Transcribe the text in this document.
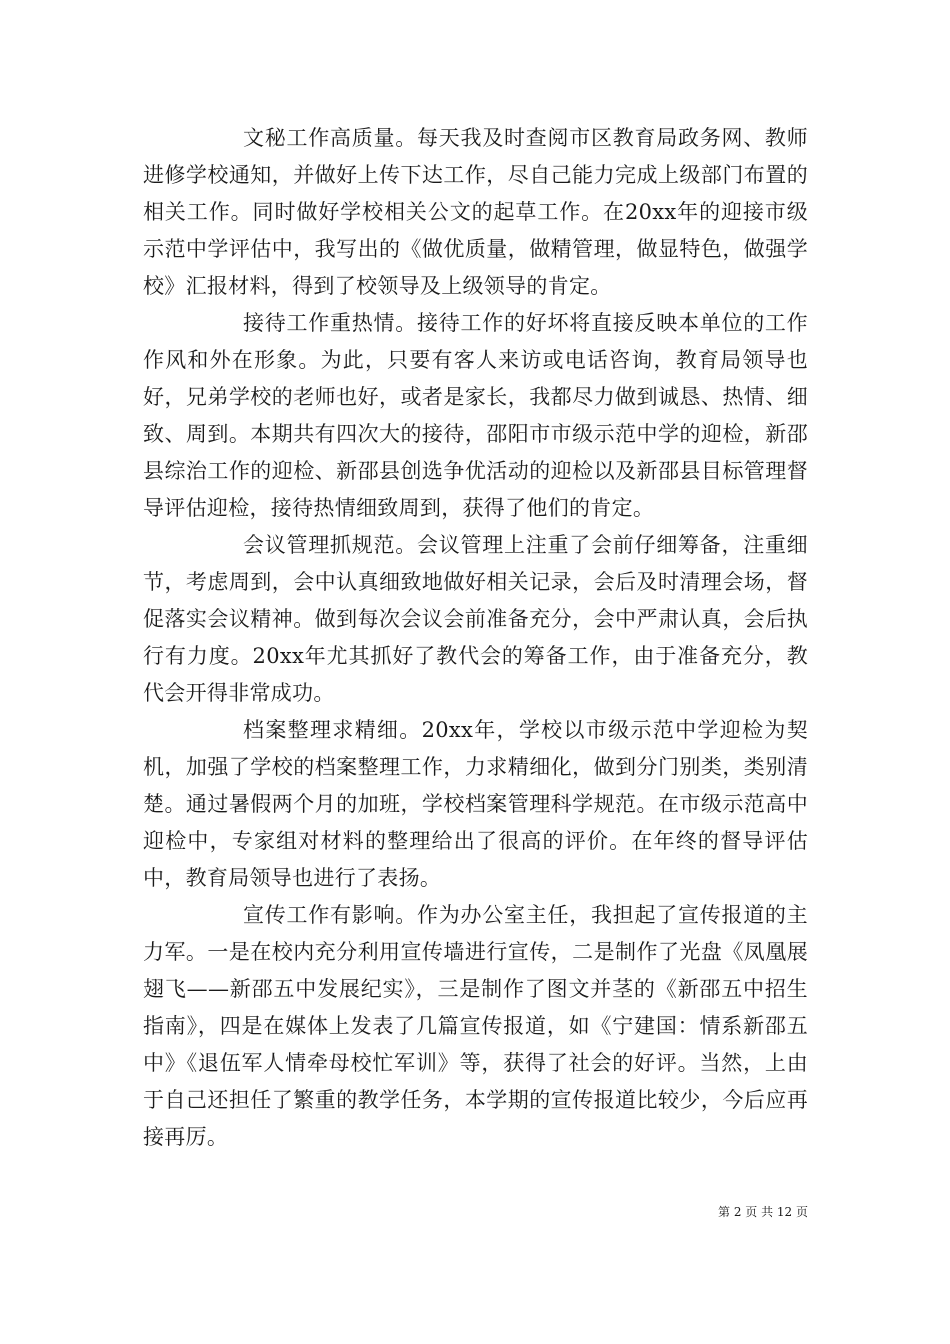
文秘工作高质量。每天我及时查阅市区教育局政务网、教师进修学校通知，并做好上传下达工作，尽自己能力完成上级部门布置的相关工作。同时做好学校相关公文的起草工作。在20xx年的迎接市级示范中学评估中，我写出的《做优质量，做精管理，做显特色，做强学校》汇报材料，得到了校领导及上级领导的肯定。

接待工作重热情。接待工作的好坏将直接反映本单位的工作作风和外在形象。为此，只要有客人来访或电话咨询，教育局领导也好，兄弟学校的老师也好，或者是家长，我都尽力做到诚恳、热情、细致、周到。本期共有四次大的接待，邵阳市市级示范中学的迎检，新邵县综治工作的迎检、新邵县创选争优活动的迎检以及新邵县目标管理督导评估迎检，接待热情细致周到，获得了他们的肯定。

会议管理抓规范。会议管理上注重了会前仔细筹备，注重细节，考虑周到，会中认真细致地做好相关记录，会后及时清理会场，督促落实会议精神。做到每次会议会前准备充分，会中严肃认真，会后执行有力度。20xx年尤其抓好了教代会的筹备工作，由于准备充分，教代会开得非常成功。

档案整理求精细。20xx年，学校以市级示范中学迎检为契机，加强了学校的档案整理工作，力求精细化，做到分门别类，类别清楚。通过暑假两个月的加班，学校档案管理科学规范。在市级示范高中迎检中，专家组对材料的整理给出了很高的评价。在年终的督导评估中，教育局领导也进行了表扬。

宣传工作有影响。作为办公室主任，我担起了宣传报道的主力军。一是在校内充分利用宣传墙进行宣传，二是制作了光盘《凤凰展翅飞——新邵五中发展纪实》，三是制作了图文并茎的《新邵五中招生指南》，四是在媒体上发表了几篇宣传报道，如《宁建国：情系新邵五中》《退伍军人情牵母校忙军训》等，获得了社会的好评。当然，上由于自己还担任了繁重的教学任务，本学期的宣传报道比较少，今后应再接再厉。

第 2 页 共 12 页
